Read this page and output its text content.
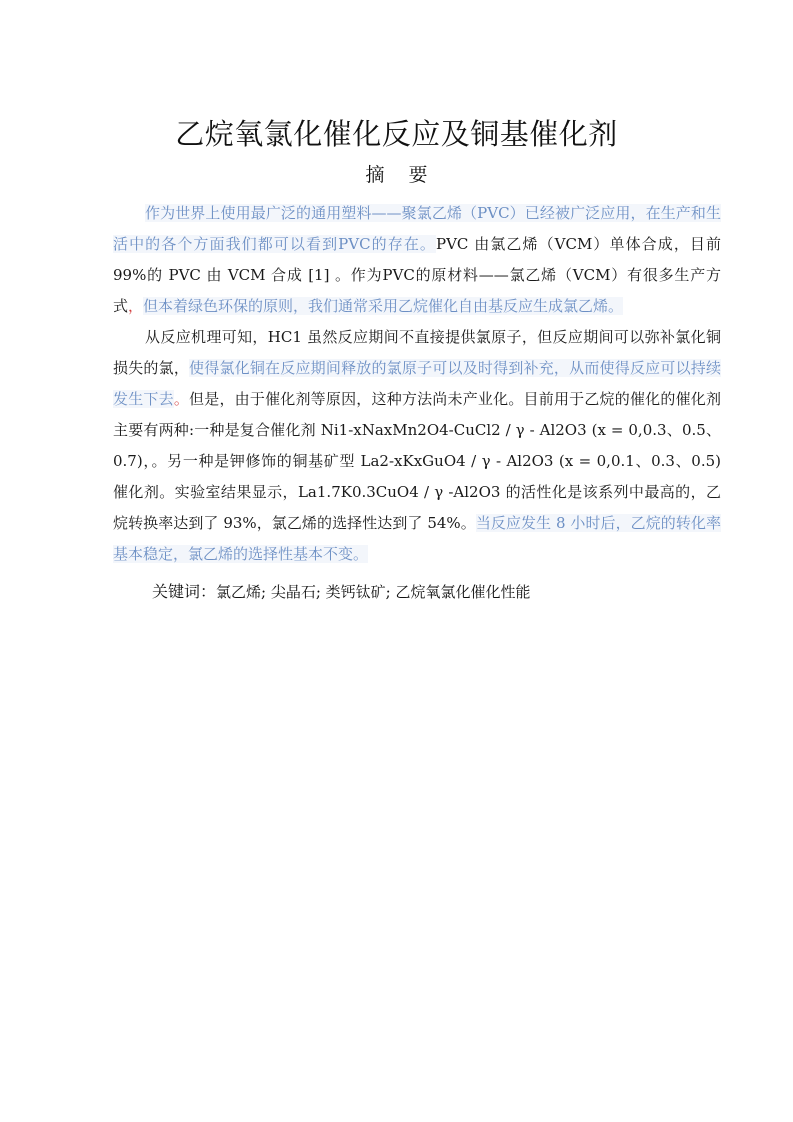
乙烷氧氯化催化反应及铜基催化剂
摘 要

作为世界上使用最广泛的通用塑料——聚氯乙烯（PVC）已经被广泛应用，在生产和生活中的各个方面我们都可以看到PVC的存在。PVC 由氯乙烯（VCM）单体合成，目前 99%的 PVC 由 VCM 合成 [1] 。作为PVC的原材料——氯乙烯（VCM）有很多生产方式，但本着绿色环保的原则，我们通常采用乙烷催化自由基反应生成氯乙烯。

从反应机理可知，HC1 虽然反应期间不直接提供氯原子，但反应期间可以弥补氯化铜损失的氯，使得氯化铜在反应期间释放的氯原子可以及时得到补充，从而使得反应可以持续发生下去。但是，由于催化剂等原因，这种方法尚未产业化。目前用于乙烷的催化的催化剂主要有两种:一种是复合催化剂 Ni1-xNaxMn2O4-CuCl2 / γ - Al2O3 (x = 0,0.3、0.5、0.7)，。另一种是钾修饰的铜基矿型 La2-xKxGuO4 / γ - Al2O3 (x = 0,0.1、0.3、0.5) 催化剂。实验室结果显示，La1.7K0.3CuO4 / γ -Al2O3 的活性化是该系列中最高的，乙烷转换率达到了 93%，氯乙烯的选择性达到了 54%。当反应发生 8 小时后，乙烷的转化率基本稳定，氯乙烯的选择性基本不变。

关键词：氯乙烯; 尖晶石; 类钙钛矿; 乙烷氧氯化催化性能
